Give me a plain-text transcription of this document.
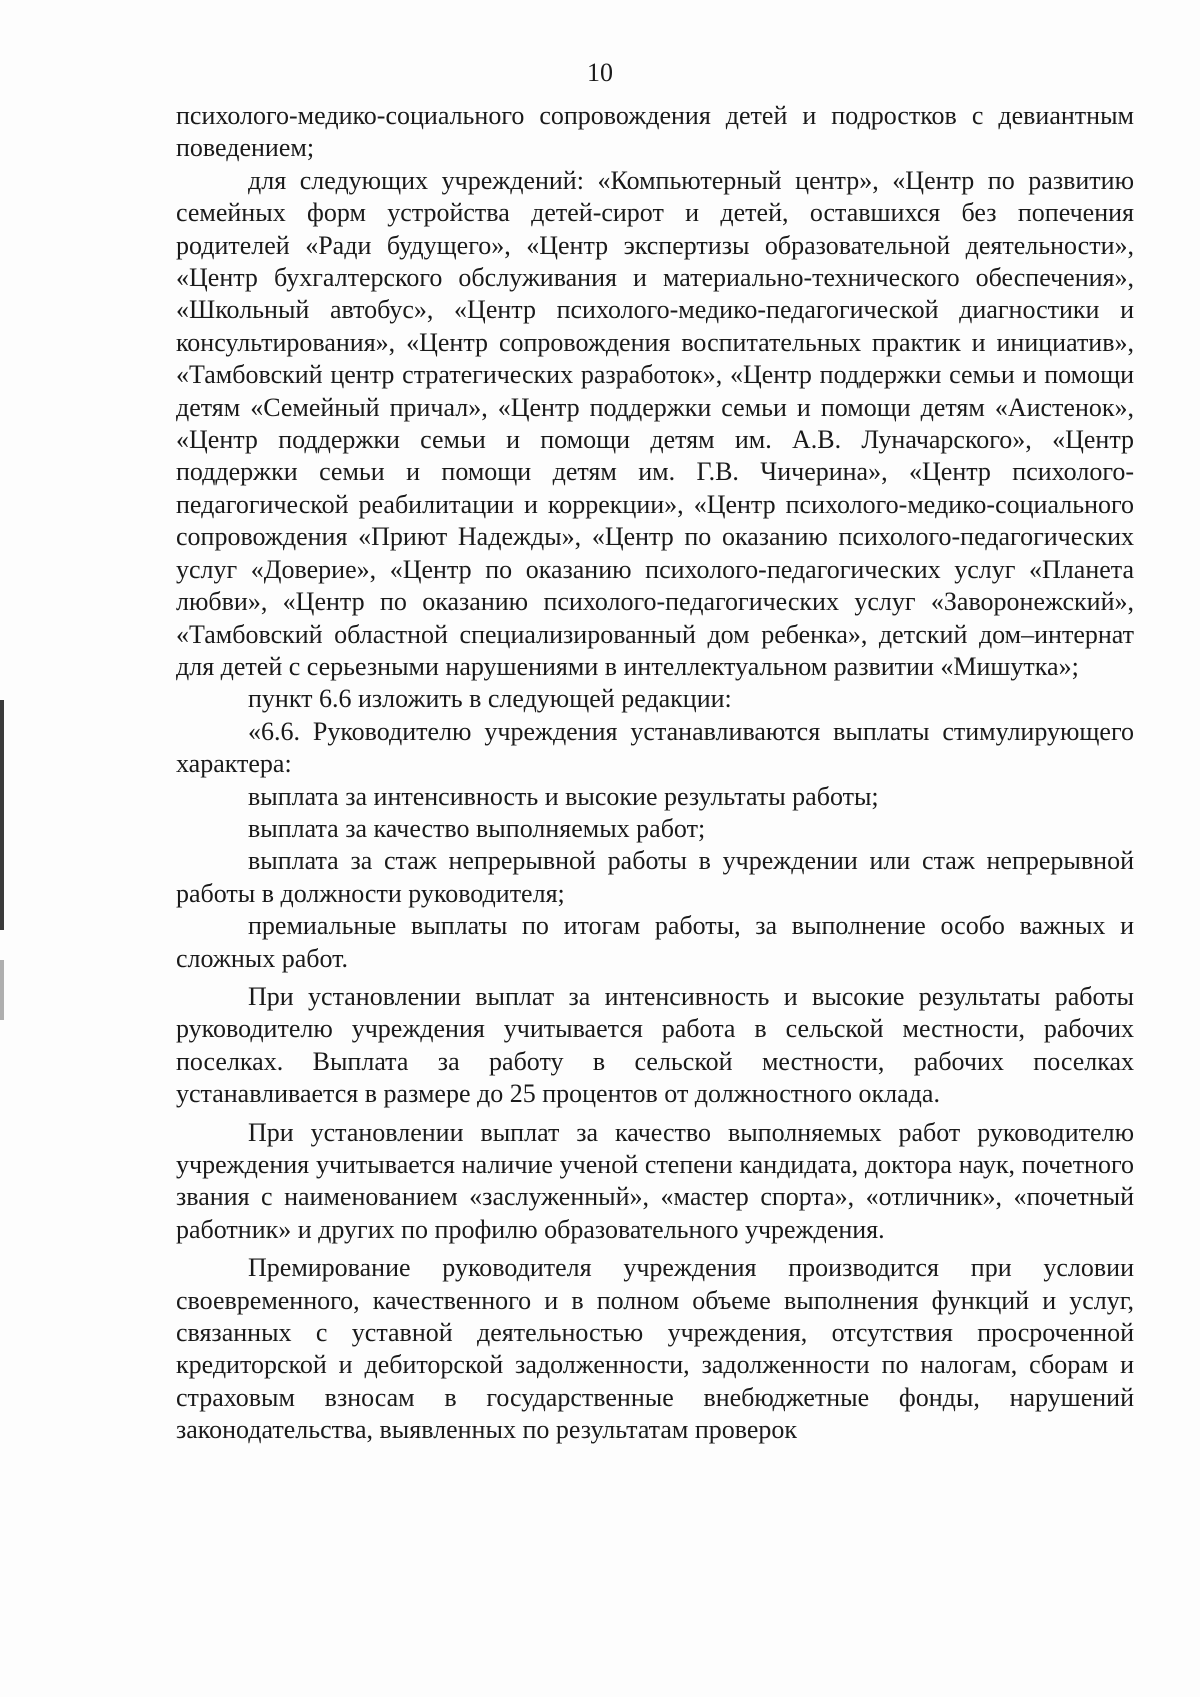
10

психолого-медико-социального сопровождения детей и подростков с девиантным поведением;

для следующих учреждений: «Компьютерный центр», «Центр по развитию семейных форм устройства детей-сирот и детей, оставшихся без попечения родителей «Ради будущего», «Центр экспертизы образовательной деятельности», «Центр бухгалтерского обслуживания и материально-технического обеспечения», «Школьный автобус», «Центр психолого-медико-педагогической диагностики и консультирования», «Центр сопровождения воспитательных практик и инициатив», «Тамбовский центр стратегических разработок», «Центр поддержки семьи и помощи детям «Семейный причал», «Центр поддержки семьи и помощи детям «Аистенок», «Центр поддержки семьи и помощи детям им. А.В. Луначарского», «Центр поддержки семьи и помощи детям им. Г.В. Чичерина», «Центр психолого-педагогической реабилитации и коррекции», «Центр психолого-медико-социального сопровождения «Приют Надежды», «Центр по оказанию психолого-педагогических услуг «Доверие», «Центр по оказанию психолого-педагогических услуг «Планета любви», «Центр по оказанию психолого-педагогических услуг «Заворонежский», «Тамбовский областной специализированный дом ребенка», детский дом–интернат для детей с серьезными нарушениями в интеллектуальном развитии «Мишутка»;

пункт 6.6 изложить в следующей редакции:

«6.6. Руководителю учреждения устанавливаются выплаты стимулирующего характера:

выплата за интенсивность и высокие результаты работы;

выплата за качество выполняемых работ;

выплата за стаж непрерывной работы в учреждении или стаж непрерывной работы в должности руководителя;

премиальные выплаты по итогам работы, за выполнение особо важных и сложных работ.

При установлении выплат за интенсивность и высокие результаты работы руководителю учреждения учитывается работа в сельской местности, рабочих поселках. Выплата за работу в сельской местности, рабочих поселках устанавливается в размере до 25 процентов от должностного оклада.

При установлении выплат за качество выполняемых работ руководителю учреждения учитывается наличие ученой степени кандидата, доктора наук, почетного звания с наименованием «заслуженный», «мастер спорта», «отличник», «почетный работник» и других по профилю образовательного учреждения.

Премирование руководителя учреждения производится при условии своевременного, качественного и в полном объеме выполнения функций и услуг, связанных с уставной деятельностью учреждения, отсутствия просроченной кредиторской и дебиторской задолженности, задолженности по налогам, сборам и страховым взносам в государственные внебюджетные фонды, нарушений законодательства, выявленных по результатам проверок
